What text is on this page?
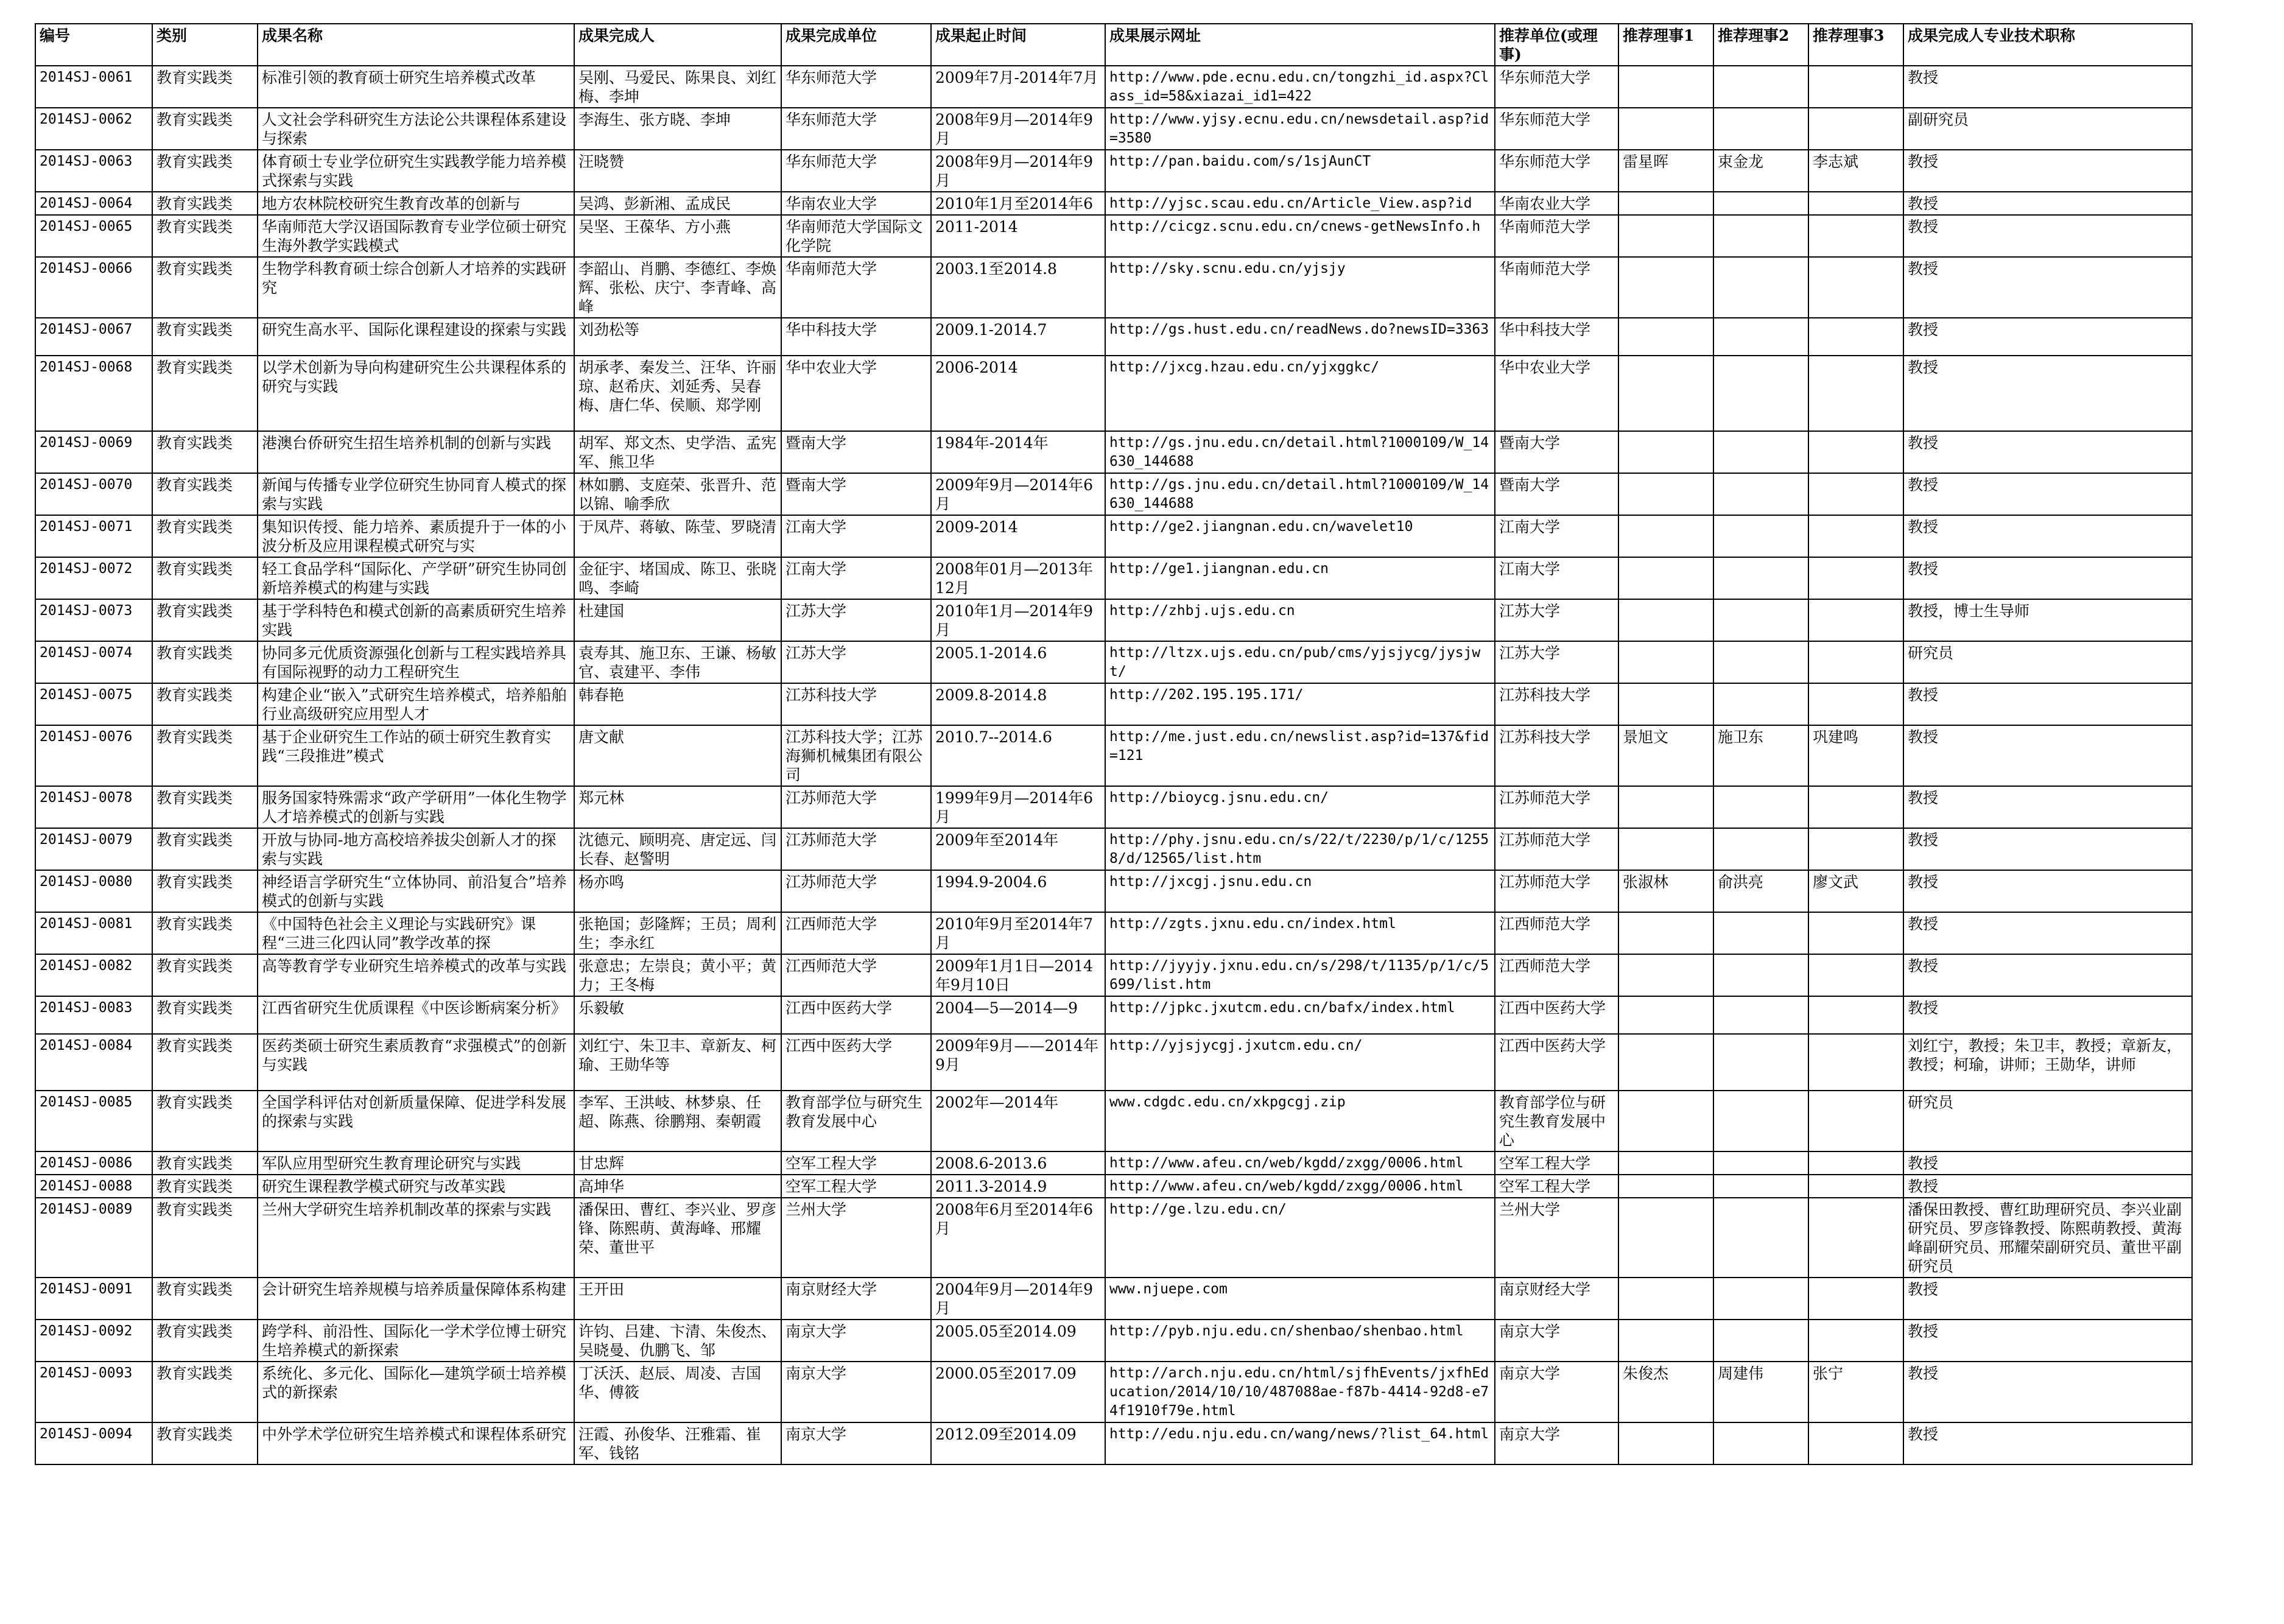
编号	类别	成果名称	成果完成人	成果完成单位	成果起止时间	成果展示网址	推荐单位(或理事)	推荐理事1	推荐理事2	推荐理事3	成果完成人专业技术职称
2014SJ-0061	教育实践类	标准引领的教育硕士研究生培养模式改革	吴刚、马爱民、陈果良、刘红梅、李坤	华东师范大学	2009年7月-2014年7月	http://www.pde.ecnu.edu.cn/tongzhi_id.aspx?Class_id=58&xiazai_id1=422	华东师范大学				教授
2014SJ-0062	教育实践类	人文社会学科研究生方法论公共课程体系建设与探索	李海生、张方晓、李坤	华东师范大学	2008年9月—2014年9月	http://www.yjsy.ecnu.edu.cn/newsdetail.asp?id=3580	华东师范大学				副研究员
2014SJ-0063	教育实践类	体育硕士专业学位研究生实践教学能力培养模式探索与实践	汪晓赞	华东师范大学	2008年9月—2014年9月	http://pan.baidu.com/s/1sjAunCT	华东师范大学	雷星晖	束金龙	李志斌	教授
2014SJ-0064	教育实践类	地方农林院校研究生教育改革的创新与	吴鸿、彭新湘、孟成民	华南农业大学	2010年1月至2014年6	http://yjsc.scau.edu.cn/Article_View.asp?id	华南农业大学				教授
2014SJ-0065	教育实践类	华南师范大学汉语国际教育专业学位硕士研究生海外教学实践模式	吴坚、王葆华、方小燕	华南师范大学国际文化学院	2011-2014	http://cicgz.scnu.edu.cn/cnews-getNewsInfo.h	华南师范大学				教授
2014SJ-0066	教育实践类	生物学科教育硕士综合创新人才培养的实践研究	李韶山、肖鹏、李德红、李焕辉、张松、庆宁、李青峰、高峰	华南师范大学	2003.1至2014.8	http://sky.scnu.edu.cn/yjsjy	华南师范大学				教授
2014SJ-0067	教育实践类	研究生高水平、国际化课程建设的探索与实践	刘劲松等	华中科技大学	2009.1-2014.7	http://gs.hust.edu.cn/readNews.do?newsID=3363	华中科技大学				教授
2014SJ-0068	教育实践类	以学术创新为导向构建研究生公共课程体系的研究与实践	胡承孝、秦发兰、汪华、许丽琼、赵希庆、刘延秀、吴春梅、唐仁华、侯顺、郑学刚	华中农业大学	2006-2014	http://jxcg.hzau.edu.cn/yjxggkc/	华中农业大学				教授
2014SJ-0069	教育实践类	港澳台侨研究生招生培养机制的创新与实践	胡军、郑文杰、史学浩、孟宪军、熊卫华	暨南大学	1984年-2014年	http://gs.jnu.edu.cn/detail.html?1000109/W_14630_144688	暨南大学				教授
2014SJ-0070	教育实践类	新闻与传播专业学位研究生协同育人模式的探索与实践	林如鹏、支庭荣、张晋升、范以锦、喻季欣	暨南大学	2009年9月—2014年6月	http://gs.jnu.edu.cn/detail.html?1000109/W_14630_144688	暨南大学				教授
2014SJ-0071	教育实践类	集知识传授、能力培养、素质提升于一体的小波分析及应用课程模式研究与实	于凤芹、蒋敏、陈莹、罗晓清	江南大学	2009-2014	http://ge2.jiangnan.edu.cn/wavelet10	江南大学				教授
2014SJ-0072	教育实践类	轻工食品学科“国际化、产学研”研究生协同创新培养模式的构建与实践	金征宇、堵国成、陈卫、张晓鸣、李崎	江南大学	2008年01月—2013年12月	http://ge1.jiangnan.edu.cn	江南大学				教授
2014SJ-0073	教育实践类	基于学科特色和模式创新的高素质研究生培养实践	杜建国	江苏大学	2010年1月—2014年9月	http://zhbj.ujs.edu.cn	江苏大学				教授，博士生导师
2014SJ-0074	教育实践类	协同多元优质资源强化创新与工程实践培养具有国际视野的动力工程研究生	袁寿其、施卫东、王谦、杨敏官、袁建平、李伟	江苏大学	2005.1-2014.6	http://ltzx.ujs.edu.cn/pub/cms/yjsjycg/jysjwt/	江苏大学				研究员
2014SJ-0075	教育实践类	构建企业“嵌入”式研究生培养模式，培养船舶行业高级研究应用型人才	韩春艳	江苏科技大学	2009.8-2014.8	http://202.195.195.171/	江苏科技大学				教授
2014SJ-0076	教育实践类	基于企业研究生工作站的硕士研究生教育实践“三段推进”模式	唐文献	江苏科技大学；江苏海狮机械集团有限公司	2010.7--2014.6	http://me.just.edu.cn/newslist.asp?id=137&fid=121	江苏科技大学	景旭文	施卫东	巩建鸣	教授
2014SJ-0078	教育实践类	服务国家特殊需求“政产学研用”一体化生物学人才培养模式的创新与实践	郑元林	江苏师范大学	1999年9月—2014年6月	http://bioycg.jsnu.edu.cn/	江苏师范大学				教授
2014SJ-0079	教育实践类	开放与协同-地方高校培养拔尖创新人才的探索与实践	沈德元、顾明亮、唐定远、闫长春、赵警明	江苏师范大学	2009年至2014年	http://phy.jsnu.edu.cn/s/22/t/2230/p/1/c/12558/d/12565/list.htm	江苏师范大学				教授
2014SJ-0080	教育实践类	神经语言学研究生“立体协同、前沿复合”培养模式的创新与实践	杨亦鸣	江苏师范大学	1994.9-2004.6	http://jxcgj.jsnu.edu.cn	江苏师范大学	张淑林	俞洪亮	廖文武	教授
2014SJ-0081	教育实践类	《中国特色社会主义理论与实践研究》课程“三进三化四认同”教学改革的探	张艳国；彭隆辉；王员；周利生；李永红	江西师范大学	2010年9月至2014年7月	http://zgts.jxnu.edu.cn/index.html	江西师范大学				教授
2014SJ-0082	教育实践类	高等教育学专业研究生培养模式的改革与实践	张意忠；左崇良；黄小平；黄力；王冬梅	江西师范大学	2009年1月1日—2014年9月10日	http://jyyjy.jxnu.edu.cn/s/298/t/1135/p/1/c/5699/list.htm	江西师范大学				教授
2014SJ-0083	教育实践类	江西省研究生优质课程《中医诊断病案分析》	乐毅敏	江西中医药大学	2004—5—2014—9	http://jpkc.jxutcm.edu.cn/bafx/index.html	江西中医药大学				教授
2014SJ-0084	教育实践类	医药类硕士研究生素质教育“求强模式”的创新与实践	刘红宁、朱卫丰、章新友、柯瑜、王勋华等	江西中医药大学	2009年9月——2014年9月	http://yjsjycgj.jxutcm.edu.cn/	江西中医药大学				刘红宁，教授；朱卫丰，教授；章新友，教授；柯瑜，讲师；王勋华，讲师
2014SJ-0085	教育实践类	全国学科评估对创新质量保障、促进学科发展的探索与实践	李军、王洪岐、林梦泉、任超、陈燕、徐鹏翔、秦朝霞	教育部学位与研究生教育发展中心	2002年—2014年	www.cdgdc.edu.cn/xkpgcgj.zip	教育部学位与研究生教育发展中心				研究员
2014SJ-0086	教育实践类	军队应用型研究生教育理论研究与实践	甘忠辉	空军工程大学	2008.6-2013.6	http://www.afeu.cn/web/kgdd/zxgg/0006.html	空军工程大学				教授
2014SJ-0088	教育实践类	研究生课程教学模式研究与改革实践	高坤华	空军工程大学	2011.3-2014.9	http://www.afeu.cn/web/kgdd/zxgg/0006.html	空军工程大学				教授
2014SJ-0089	教育实践类	兰州大学研究生培养机制改革的探索与实践	潘保田、曹红、李兴业、罗彦锋、陈熙萌、黄海峰、邢耀荣、董世平	兰州大学	2008年6月至2014年6月	http://ge.lzu.edu.cn/	兰州大学				潘保田教授、曹红助理研究员、李兴业副研究员、罗彦锋教授、陈熙萌教授、黄海峰副研究员、邢耀荣副研究员、董世平副研究员
2014SJ-0091	教育实践类	会计研究生培养规模与培养质量保障体系构建	王开田	南京财经大学	2004年9月—2014年9月	www.njuepe.com	南京财经大学				教授
2014SJ-0092	教育实践类	跨学科、前沿性、国际化一学术学位博士研究生培养模式的新探索	许钧、吕建、卞清、朱俊杰、吴晓曼、仇鹏飞、邹	南京大学	2005.05至2014.09	http://pyb.nju.edu.cn/shenbao/shenbao.html	南京大学				教授
2014SJ-0093	教育实践类	系统化、多元化、国际化—建筑学硕士培养模式的新探索	丁沃沃、赵辰、周凌、吉国华、傅筱	南京大学	2000.05至2017.09	http://arch.nju.edu.cn/html/sjfhEvents/jxfhEducation/2014/10/10/487088ae-f87b-4414-92d8-e74f1910f79e.html	南京大学	朱俊杰	周建伟	张宁	教授
2014SJ-0094	教育实践类	中外学术学位研究生培养模式和课程体系研究	汪霞、孙俊华、汪雅霜、崔军、钱铭	南京大学	2012.09至2014.09	http://edu.nju.edu.cn/wang/news/?list_64.html	南京大学				教授
